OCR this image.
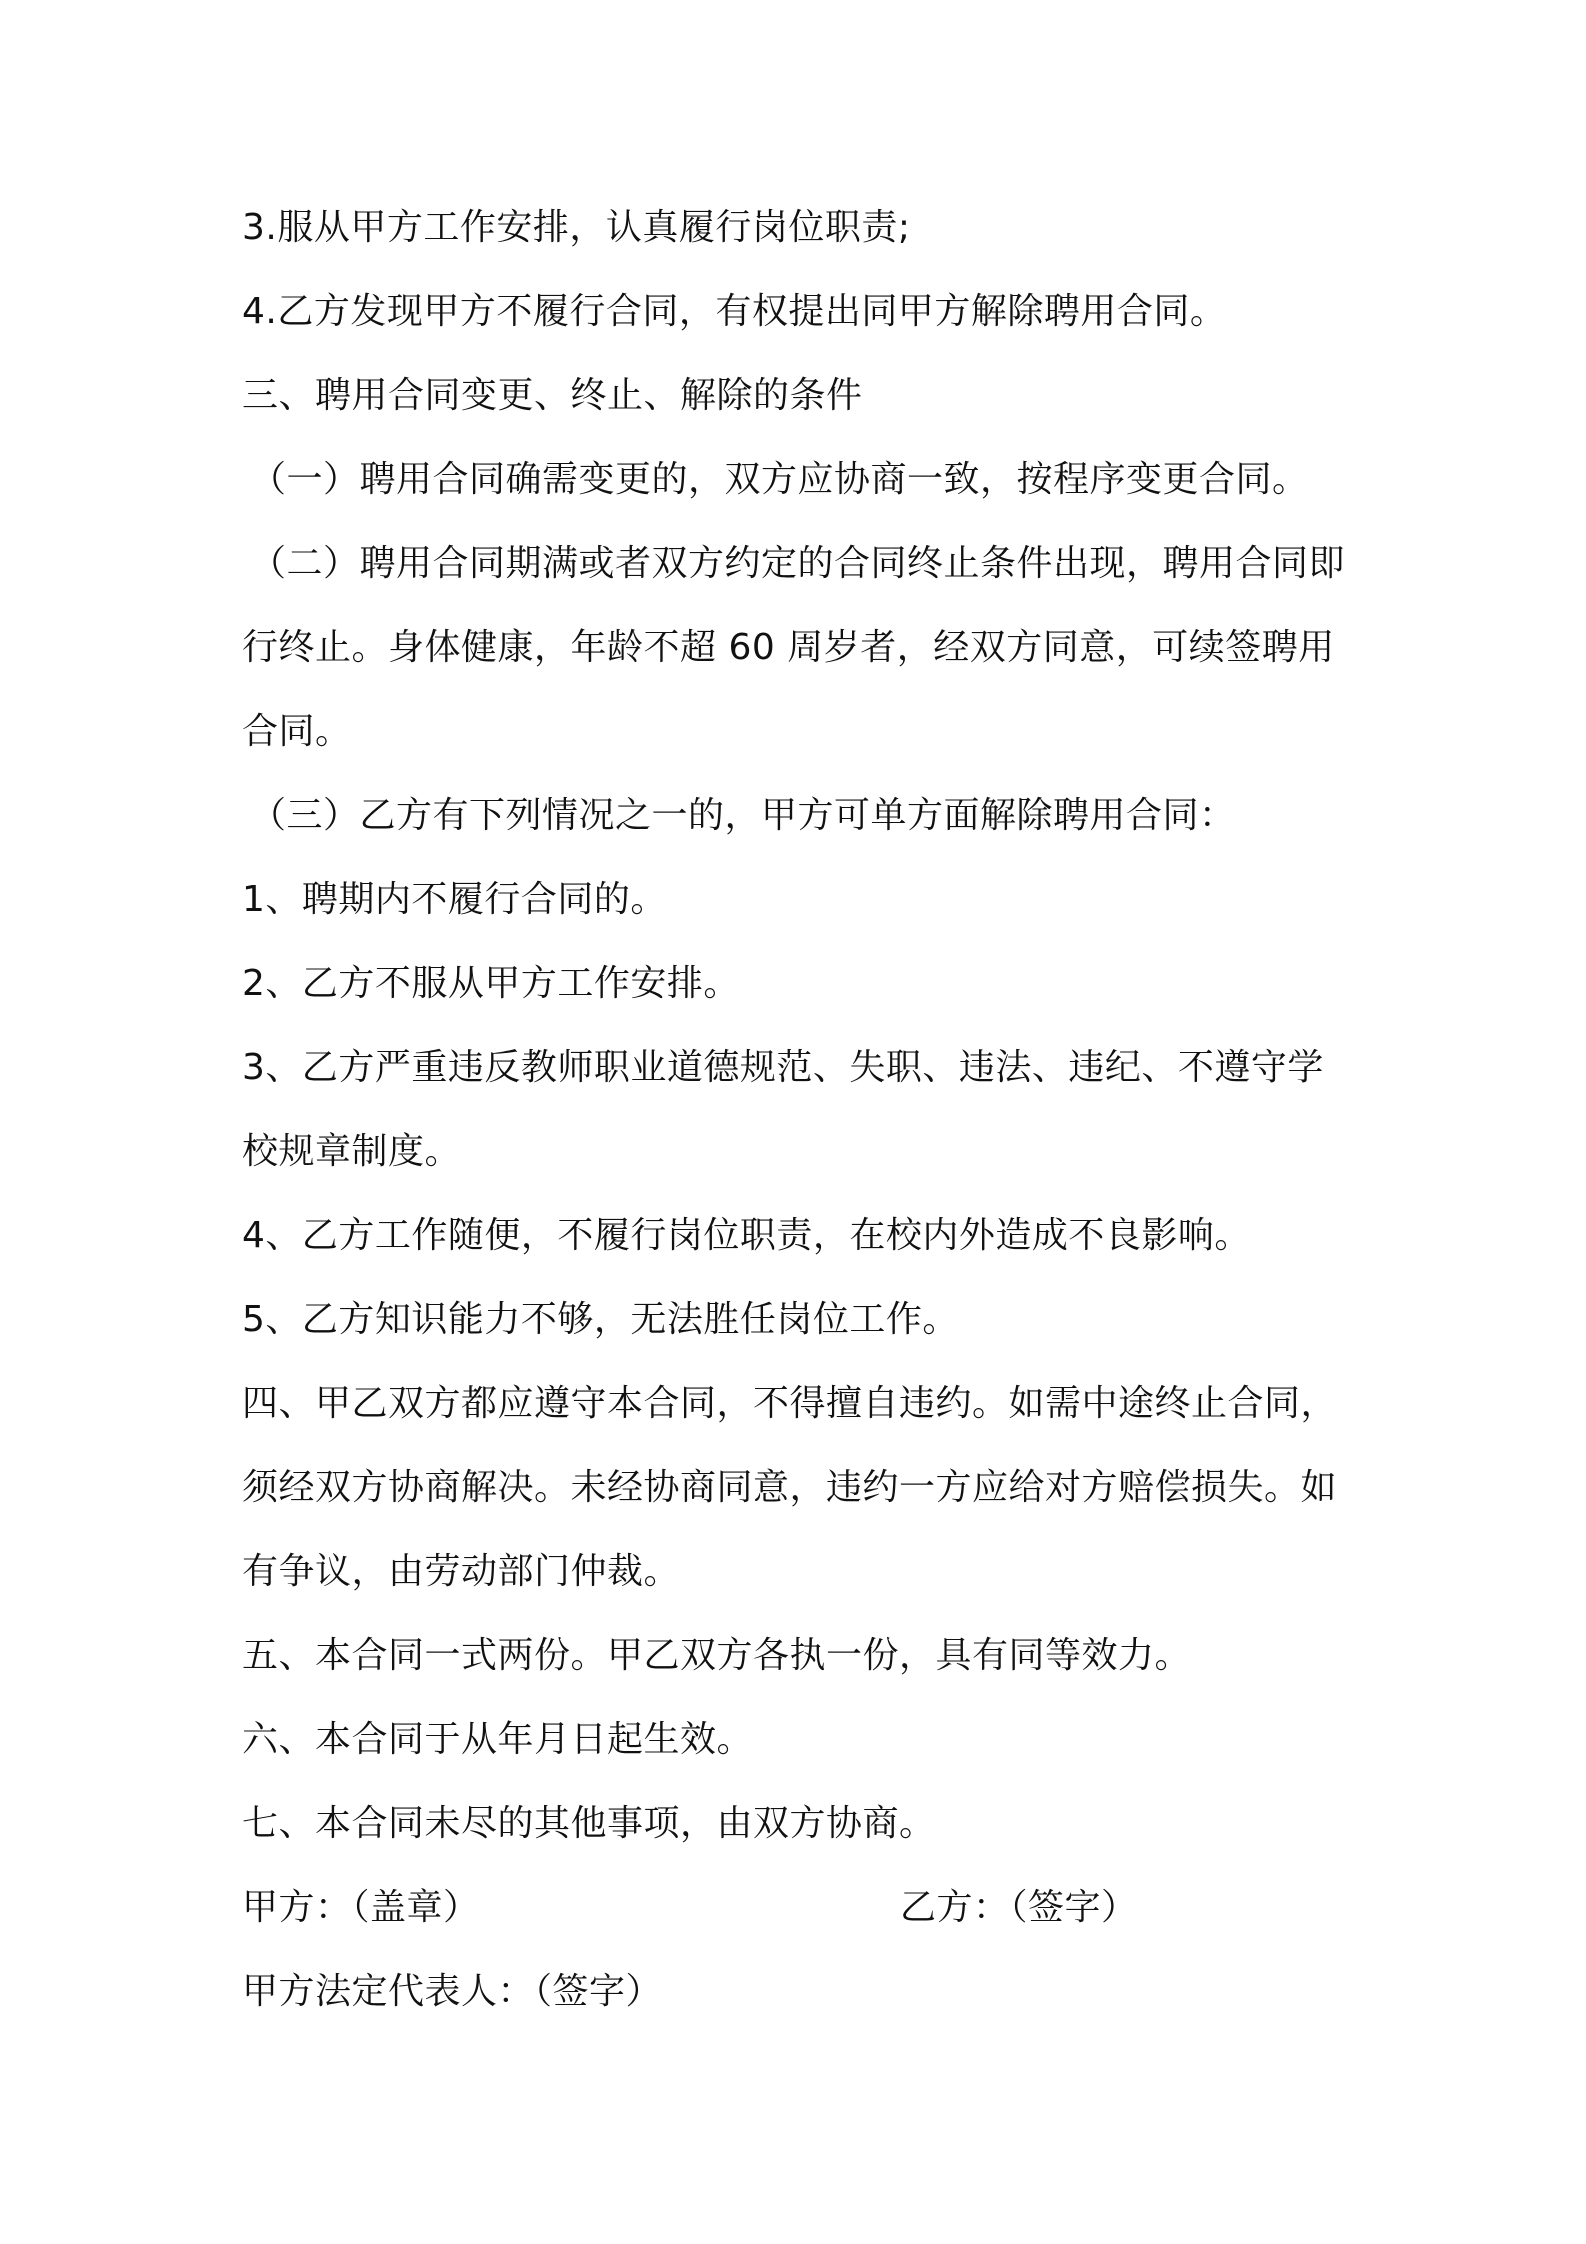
3.服从甲方工作安排，认真履行岗位职责;
4.乙方发现甲方不履行合同，有权提出同甲方解除聘用合同。
三、聘用合同变更、终止、解除的条件
（一）聘用合同确需变更的，双方应协商一致，按程序变更合同。
（二）聘用合同期满或者双方约定的合同终止条件出现，聘用合同即
行终止。身体健康，年龄不超 60 周岁者，经双方同意，可续签聘用
合同。
（三）乙方有下列情况之一的，甲方可单方面解除聘用合同：
1、聘期内不履行合同的。
2、乙方不服从甲方工作安排。
3、乙方严重违反教师职业道德规范、失职、违法、违纪、不遵守学
校规章制度。
4、乙方工作随便，不履行岗位职责，在校内外造成不良影响。
5、乙方知识能力不够，无法胜任岗位工作。
四、甲乙双方都应遵守本合同，不得擅自违约。如需中途终止合同，
须经双方协商解决。未经协商同意，违约一方应给对方赔偿损失。如
有争议，由劳动部门仲裁。
五、本合同一式两份。甲乙双方各执一份，具有同等效力。
六、本合同于从年月日起生效。
七、本合同未尽的其他事项，由双方协商。
甲方：（盖章）	乙方：（签字）
甲方法定代表人：（签字）
